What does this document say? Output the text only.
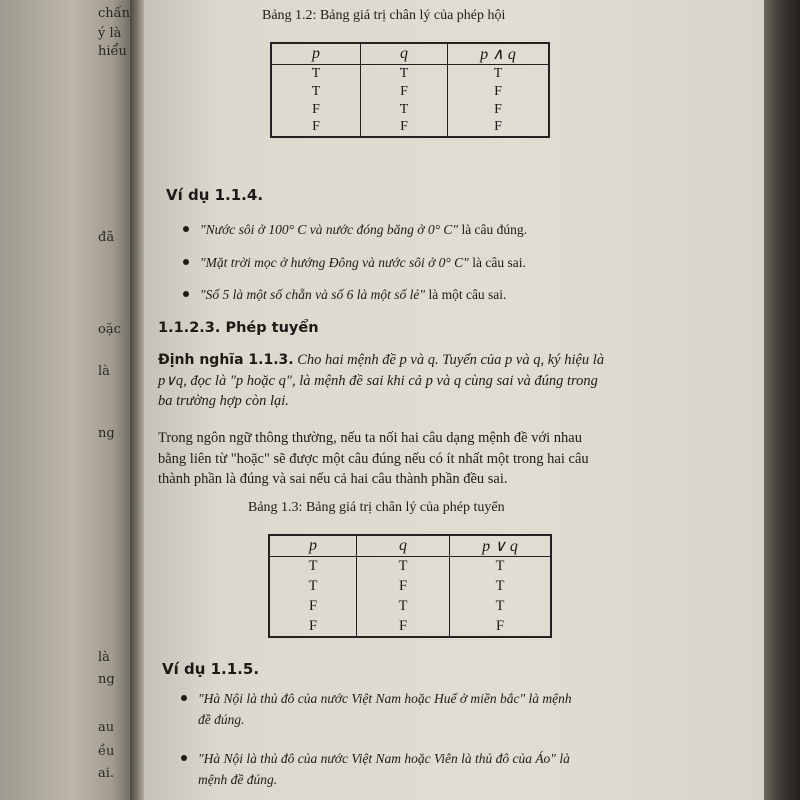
chấn
ý là
hiểu
đã
oặc
là
ng
là
ng
au
ều
ai.
Bảng 1.2: Bảng giá trị chân lý của phép hội
p	q	p ∧ q
T	T	T
T	F	F
F	T	F
F	F	F
Ví dụ 1.1.4.
"Nước sôi ở 100° C và nước đóng băng ở 0° C" là câu đúng.
"Mặt trời mọc ở hướng Đông và nước sôi ở 0° C" là câu sai.
"Số 5 là một số chẵn và số 6 là một số lẻ" là một câu sai.
1.1.2.3. Phép tuyển
Định nghĩa 1.1.3. Cho hai mệnh đề p và q. Tuyển của p và q, ký hiệu là
p∨q, đọc là "p hoặc q", là mệnh đề sai khi cả p và q cùng sai và đúng trong
ba trường hợp còn lại.
Trong ngôn ngữ thông thường, nếu ta nối hai câu dạng mệnh đề với nhau
bằng liên từ "hoặc" sẽ được một câu đúng nếu có ít nhất một trong hai câu
thành phần là đúng và sai nếu cả hai câu thành phần đều sai.
Bảng 1.3: Bảng giá trị chân lý của phép tuyển
p	q	p ∨ q
T	T	T
T	F	T
F	T	T
F	F	F
Ví dụ 1.1.5.
"Hà Nội là thủ đô của nước Việt Nam hoặc Huế ở miền bắc" là mệnh
đề đúng.
"Hà Nội là thủ đô của nước Việt Nam hoặc Viên là thủ đô của Áo" là
mệnh đề đúng.
